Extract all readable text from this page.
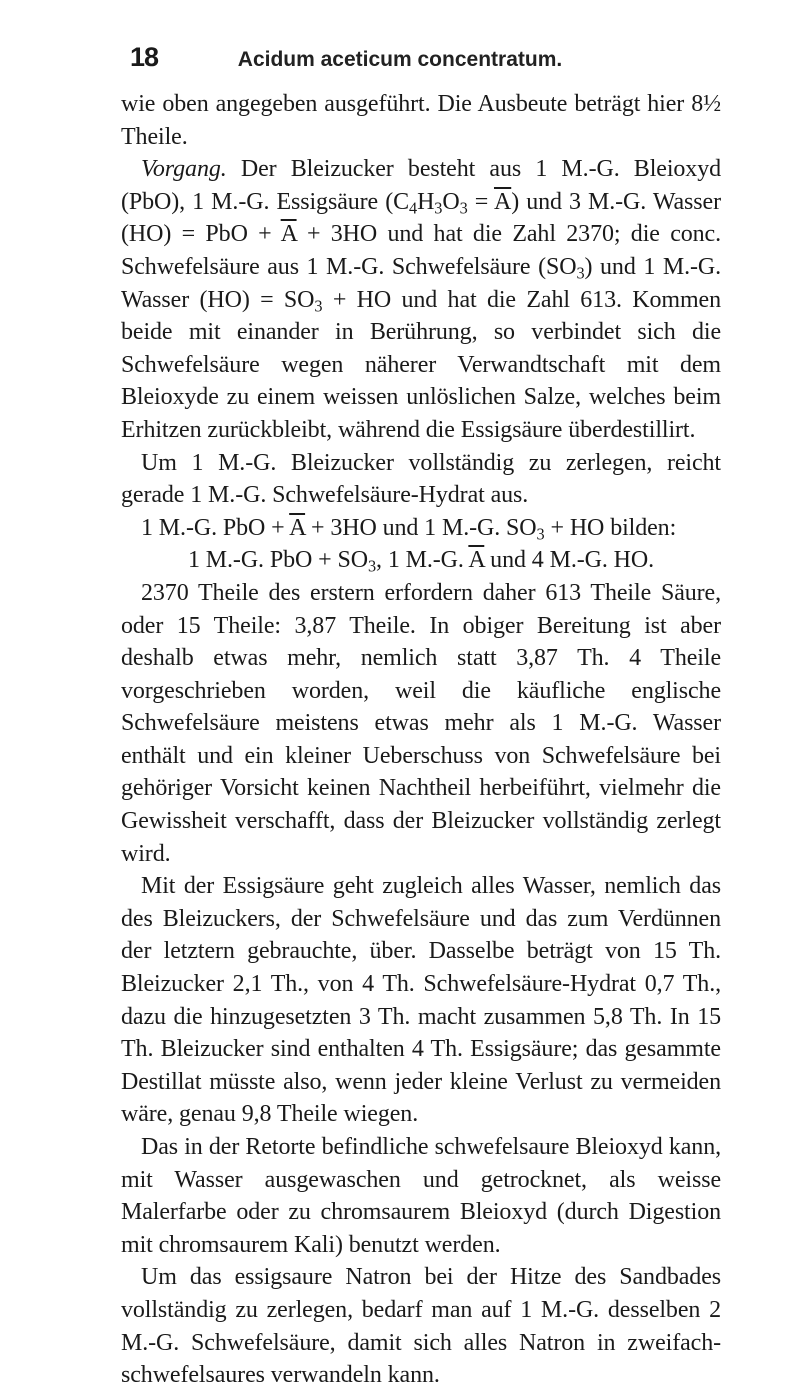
18	Acidum aceticum concentratum.

wie oben angegeben ausgeführt. Die Ausbeute beträgt hier 8½ Theile.

Vorgang. Der Bleizucker besteht aus 1 M.-G. Bleioxyd (PbO), 1 M.-G. Essigsäure $(C_4H_3O_3 = \overline{A})$ und 3 M.-G. Wasser (HO) = PbO + $\overline{A} + 3HO$ und hat die Zahl 2370; die conc. Schwefelsäure aus 1 M.-G. Schwefelsäure $(SO_3)$ und 1 M.-G. Wasser $(HO) = SO_3$ + HO und hat die Zahl 613. Kommen beide mit einander in Berührung, so verbindet sich die Schwefelsäure wegen näherer Verwandtschaft mit dem Bleioxyde zu einem weissen unlöslichen Salze, welches beim Erhitzen zurückbleibt, während die Essigsäure überdestillirt.

Um 1 M.-G. Bleizucker vollständig zu zerlegen, reicht gerade 1 M.-G. Schwefelsäure-Hydrat aus.

1 M.-G. PbO + $\overline{A} + 3HO$ und 1 M.-G. $SO_3$ + HO bilden:

1 M.-G. PbO + $SO_3$, 1 M.-G. $\overline{A}$ und 4 M.-G. HO.

2370 Theile des erstern erfordern daher 613 Theile Säure, oder 15 Theile: 3,87 Theile. In obiger Bereitung ist aber deshalb etwas mehr, nemlich statt 3,87 Th. 4 Theile vorgeschrieben worden, weil die käufliche englische Schwefelsäure meistens etwas mehr als 1 M.-G. Wasser enthält und ein kleiner Ueberschuss von Schwefelsäure bei gehöriger Vorsicht keinen Nachtheil herbeiführt, vielmehr die Gewissheit verschafft, dass der Bleizucker vollständig zerlegt wird.

Mit der Essigsäure geht zugleich alles Wasser, nemlich das des Bleizuckers, der Schwefelsäure und das zum Verdünnen der letztern gebrauchte, über. Dasselbe beträgt von 15 Th. Bleizucker 2,1 Th., von 4 Th. Schwefelsäure-Hydrat 0,7 Th., dazu die hinzugesetzten 3 Th. macht zusammen 5,8 Th. In 15 Th. Bleizucker sind enthalten 4 Th. Essigsäure; das gesammte Destillat müsste also, wenn jeder kleine Verlust zu vermeiden wäre, genau 9,8 Theile wiegen.

Das in der Retorte befindliche schwefelsaure Bleioxyd kann, mit Wasser ausgewaschen und getrocknet, als weisse Malerfarbe oder zu chromsaurem Bleioxyd (durch Digestion mit chromsaurem Kali) benutzt werden.

Um das essigsaure Natron bei der Hitze des Sandbades vollständig zu zerlegen, bedarf man auf 1 M.-G. desselben 2 M.-G. Schwefelsäure, damit sich alles Natron in zweifach-schwefelsaures verwandeln kann.
